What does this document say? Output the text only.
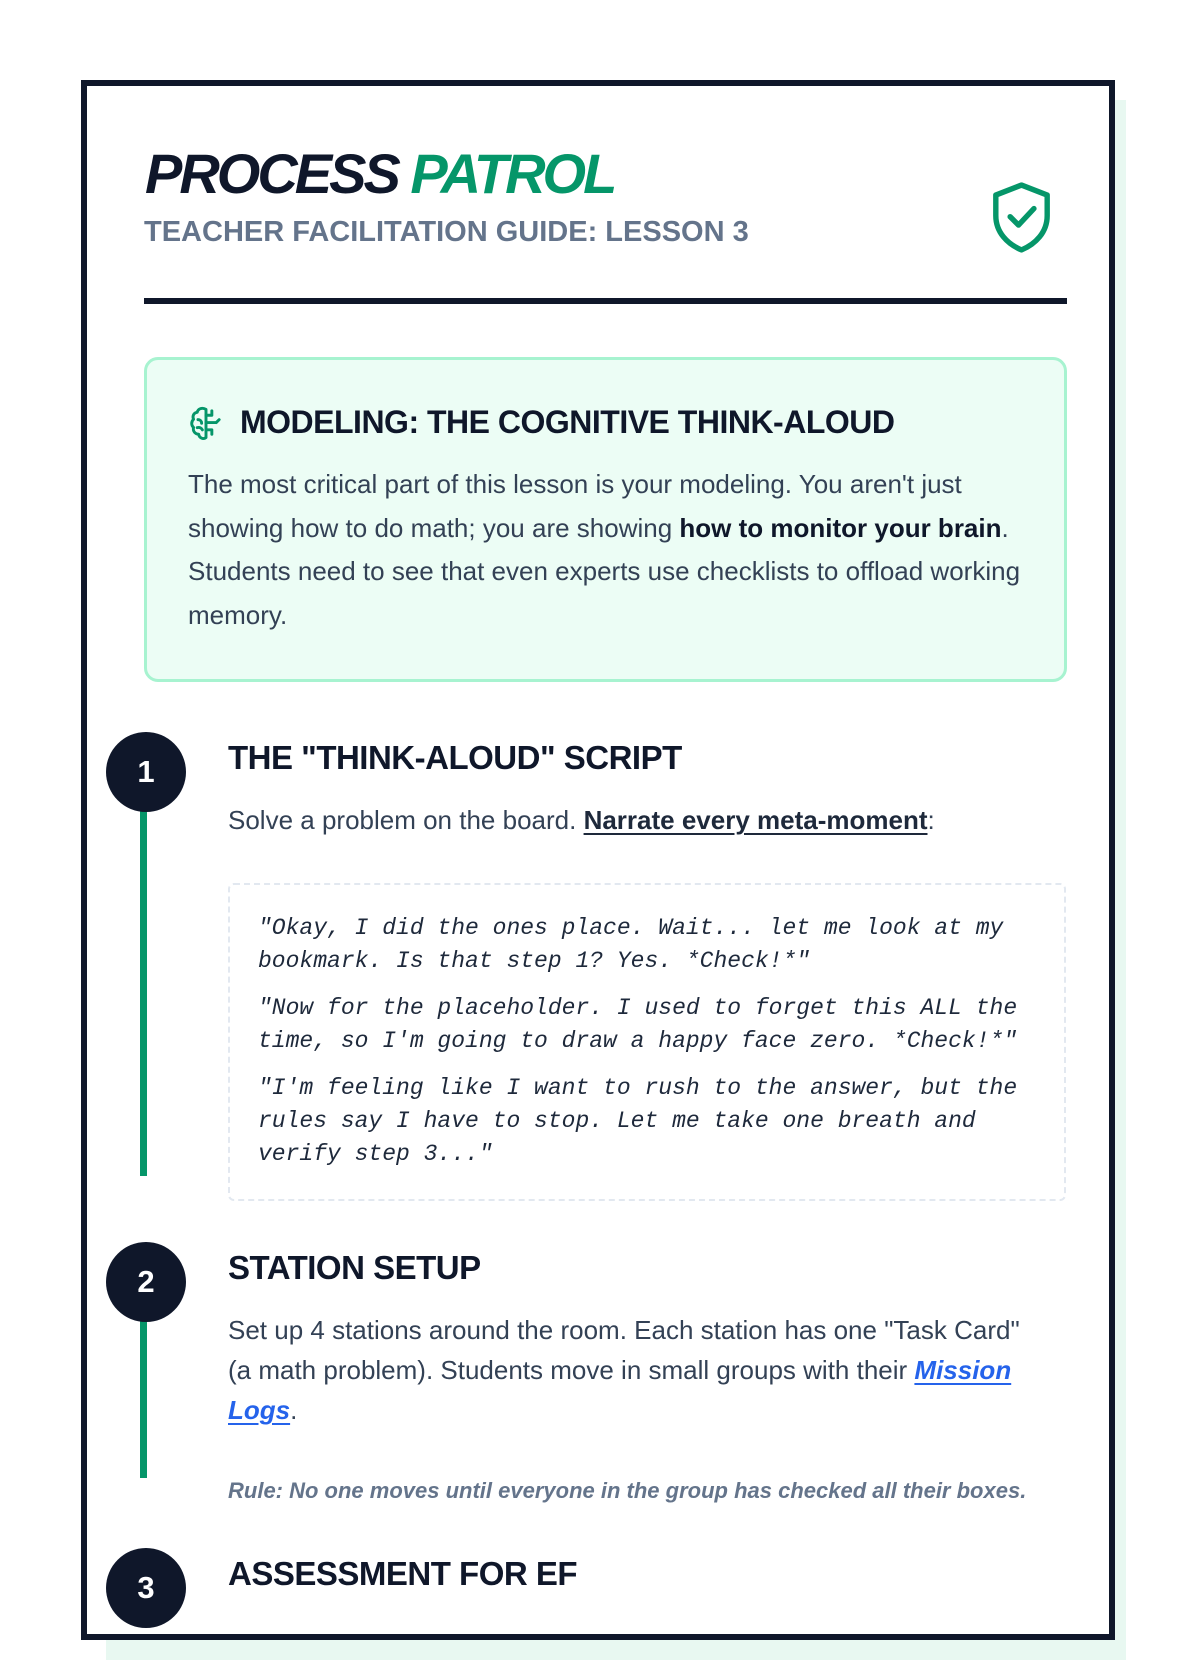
PROCESS PATROL
TEACHER FACILITATION GUIDE: LESSON 3
MODELING: THE COGNITIVE THINK-ALOUD

The most critical part of this lesson is your modeling. You aren't just showing how to do math; you are showing how to monitor your brain. Students need to see that even experts use checklists to offload working memory.

1	THE "THINK-ALOUD" SCRIPT

Solve a problem on the board. Narrate every meta-moment:

"Okay, I did the ones place. Wait... let me look at my bookmark. Is that step 1? Yes. *Check!*"

"Now for the placeholder. I used to forget this ALL the time, so I'm going to draw a happy face zero. *Check!*"

"I'm feeling like I want to rush to the answer, but the rules say I have to stop. Let me take one breath and verify step 3..."

2	STATION SETUP

Set up 4 stations around the room. Each station has one "Task Card" (a math problem). Students move in small groups with their Mission Logs.

Rule: No one moves until everyone in the group has checked all their boxes.

3	ASSESSMENT FOR EF
